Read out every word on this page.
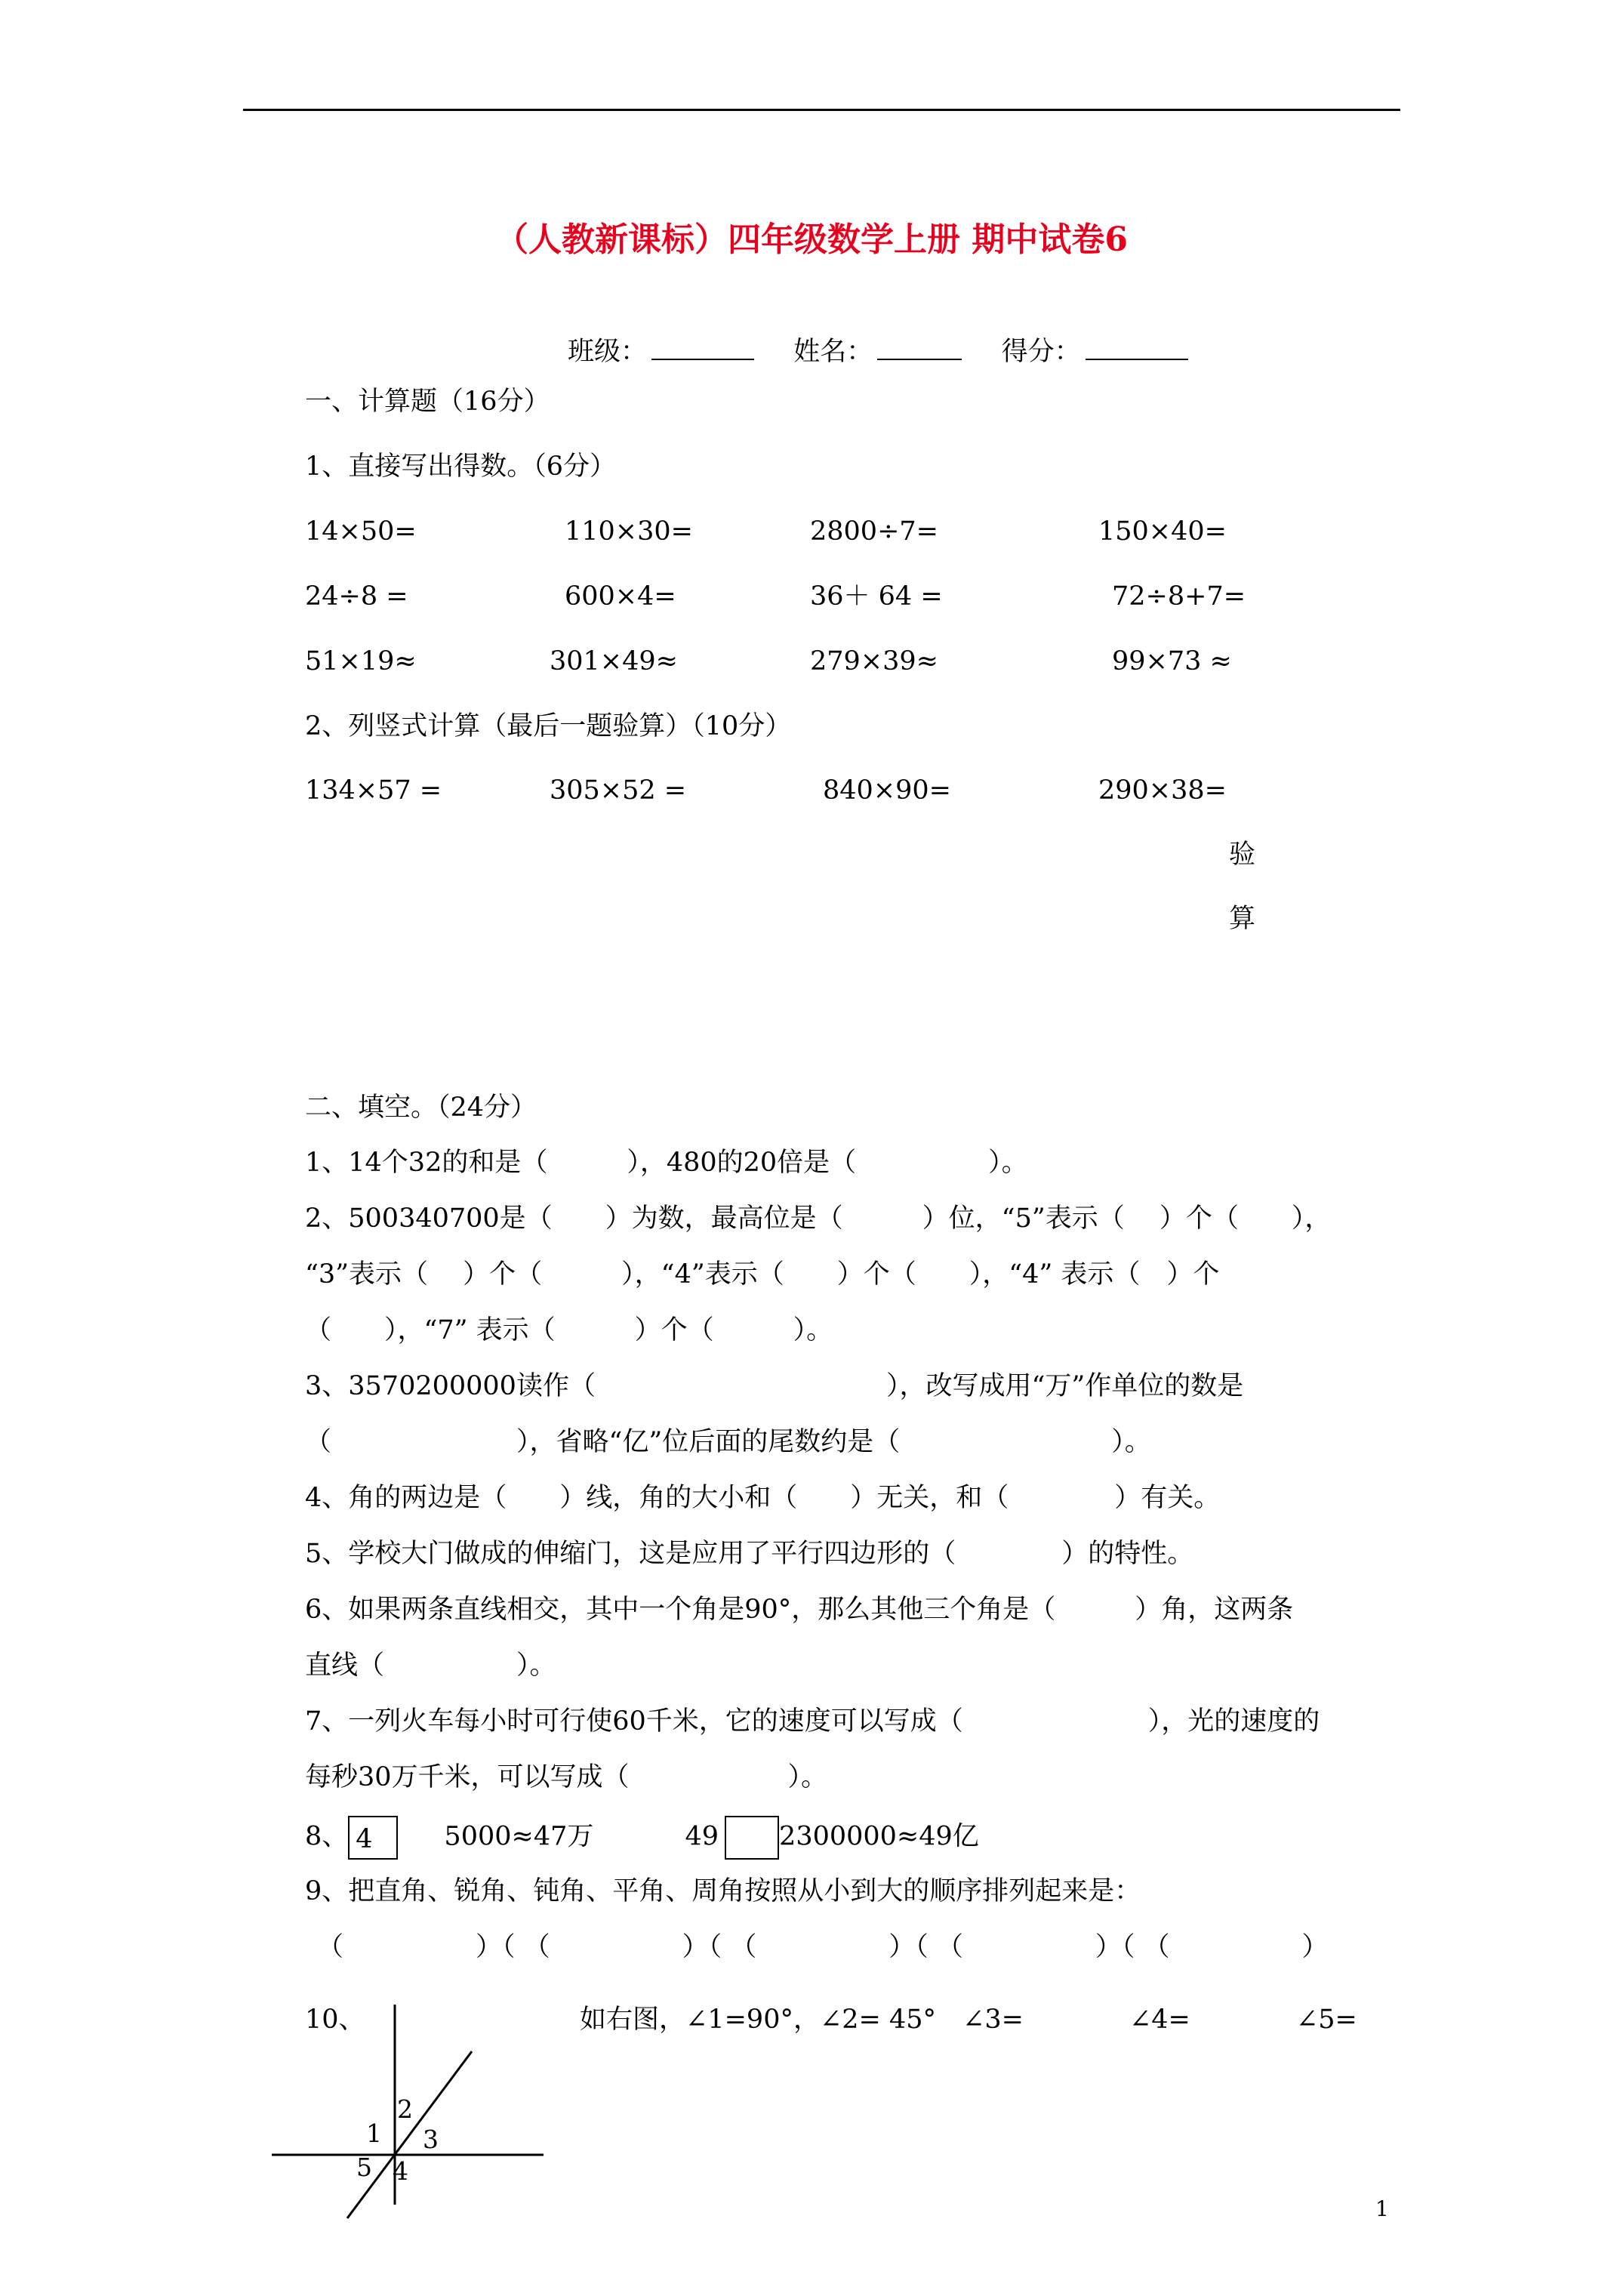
（人教新课标）四年级数学上册 期中试卷6
班级：	姓名：	得分：
一、计算题（16分）
1、直接写出得数。（6分）
14×50=	110×30=	2800÷7=	150×40=
24÷8 =	600×4=	36＋ 64 =	72÷8+7=
51×19≈	301×49≈	279×39≈	99×73 ≈
2、列竖式计算（最后一题验算）（10分）
134×57 =	305×52 =	840×90=	290×38=
验
算
二、填空。（24分）
1、14个32的和是（　　　），480的20倍是（　　　　　）。
2、500340700是（　　）为数，最高位是（　　　）位，“5”表示（　 ）个（　　），
“3”表示（　 ）个（　　　），“4”表示（　　）个（　　），“4” 表示（　）个
（　　），“7” 表示（　　　）个（　　　）。
3、3570200000读作（　　　　　　　　　　　），改写成用“万”作单位的数是
（　　　　　　　），省略“亿”位后面的尾数约是（　　　　　　　　）。
4、角的两边是（　　）线，角的大小和（　　）无关，和（　　　　）有关。
5、学校大门做成的伸缩门，这是应用了平行四边形的（　　　　）的特性。
6、如果两条直线相交，其中一个角是90°，那么其他三个角是（　　　）角，这两条
直线（　　　　　）。
7、一列火车每小时可行使60千米，它的速度可以写成（　　　　　　　），光的速度的
每秒30万千米，可以写成（　　　　　　）。
8、 4	5000≈47万	49 2300000≈49亿
9、把直角、锐角、钝角、平角、周角按照从小到大的顺序排列起来是：
（　　　　　）（ （　　　　　）（ （　　　　　）（ （　　　　　）（ （　　　　　）
10、	如右图，∠1=90°，∠2= 45°　∠3=　　　　∠4=　　　　∠5=
1
2
3
4
5
1
